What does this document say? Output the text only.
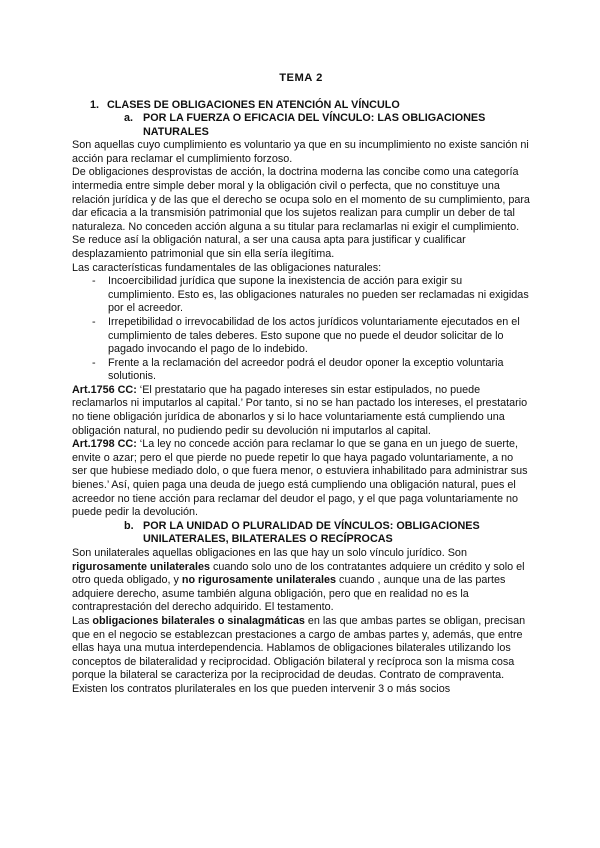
TEMA 2
1. CLASES DE OBLIGACIONES EN ATENCIÓN AL VÍNCULO
a. POR LA FUERZA O EFICACIA DEL VÍNCULO: LAS OBLIGACIONES NATURALES

Son aquellas cuyo cumplimiento es voluntario ya que en su incumplimiento no existe sanción ni acción para reclamar el cumplimiento forzoso.

De obligaciones desprovistas de acción, la doctrina moderna las concibe como una categoría intermedia entre simple deber moral y la obligación civil o perfecta, que no constituye una relación jurídica y de las que el derecho se ocupa solo en el momento de su cumplimiento, para dar eficacia a la transmisión patrimonial que los sujetos realizan para cumplir un deber de tal naturaleza. No conceden acción alguna a su titular para reclamarlas ni exigir el cumplimiento. Se reduce así la obligación natural, a ser una causa apta para justificar y cualificar desplazamiento patrimonial que sin ella sería ilegítima.

Las características fundamentales de las obligaciones naturales:

- Incoercibilidad jurídica que supone la inexistencia de acción para exigir su cumplimiento. Esto es, las obligaciones naturales no pueden ser reclamadas ni exigidas por el acreedor.
- Irrepetibilidad o irrevocabilidad de los actos jurídicos voluntariamente ejecutados en el cumplimiento de tales deberes. Esto supone que no puede el deudor solicitar de lo pagado invocando el pago de lo indebido.
- Frente a la reclamación del acreedor podrá el deudor oponer la exceptio voluntaria solutionis.

Art.1756 CC: ‘El prestatario que ha pagado intereses sin estar estipulados, no puede reclamarlos ni imputarlos al capital.’ Por tanto, si no se han pactado los intereses, el prestatario no tiene obligación jurídica de abonarlos y si lo hace voluntariamente está cumpliendo una obligación natural, no pudiendo pedir su devolución ni imputarlos al capital.

Art.1798 CC: ‘La ley no concede acción para reclamar lo que se gana en un juego de suerte, envite o azar; pero el que pierde no puede repetir lo que haya pagado voluntariamente, a no ser que hubiese mediado dolo, o que fuera menor, o estuviera inhabilitado para administrar sus bienes.’ Así, quien paga una deuda de juego está cumpliendo una obligación natural, pues el acreedor no tiene acción para reclamar del deudor el pago, y el que paga voluntariamente no puede pedir la devolución.

b. POR LA UNIDAD O PLURALIDAD DE VÍNCULOS: OBLIGACIONES UNILATERALES, BILATERALES O RECÍPROCAS

Son unilaterales aquellas obligaciones en las que hay un solo vínculo jurídico. Son rigurosamente unilaterales cuando solo uno de los contratantes adquiere un crédito y solo el otro queda obligado, y no rigurosamente unilaterales cuando , aunque una de las partes adquiere derecho, asume también alguna obligación, pero que en realidad no es la contraprestación del derecho adquirido. El testamento.

Las obligaciones bilaterales o sinalagmáticas en las que ambas partes se obligan, precisan que en el negocio se establezcan prestaciones a cargo de ambas partes y, además, que entre ellas haya una mutua interdependencia. Hablamos de obligaciones bilaterales utilizando los conceptos de bilateralidad y reciprocidad. Obligación bilateral y recíproca son la misma cosa porque la bilateral se caracteriza por la reciprocidad de deudas. Contrato de compraventa.

Existen los contratos plurilaterales en los que pueden intervenir 3 o más socios
